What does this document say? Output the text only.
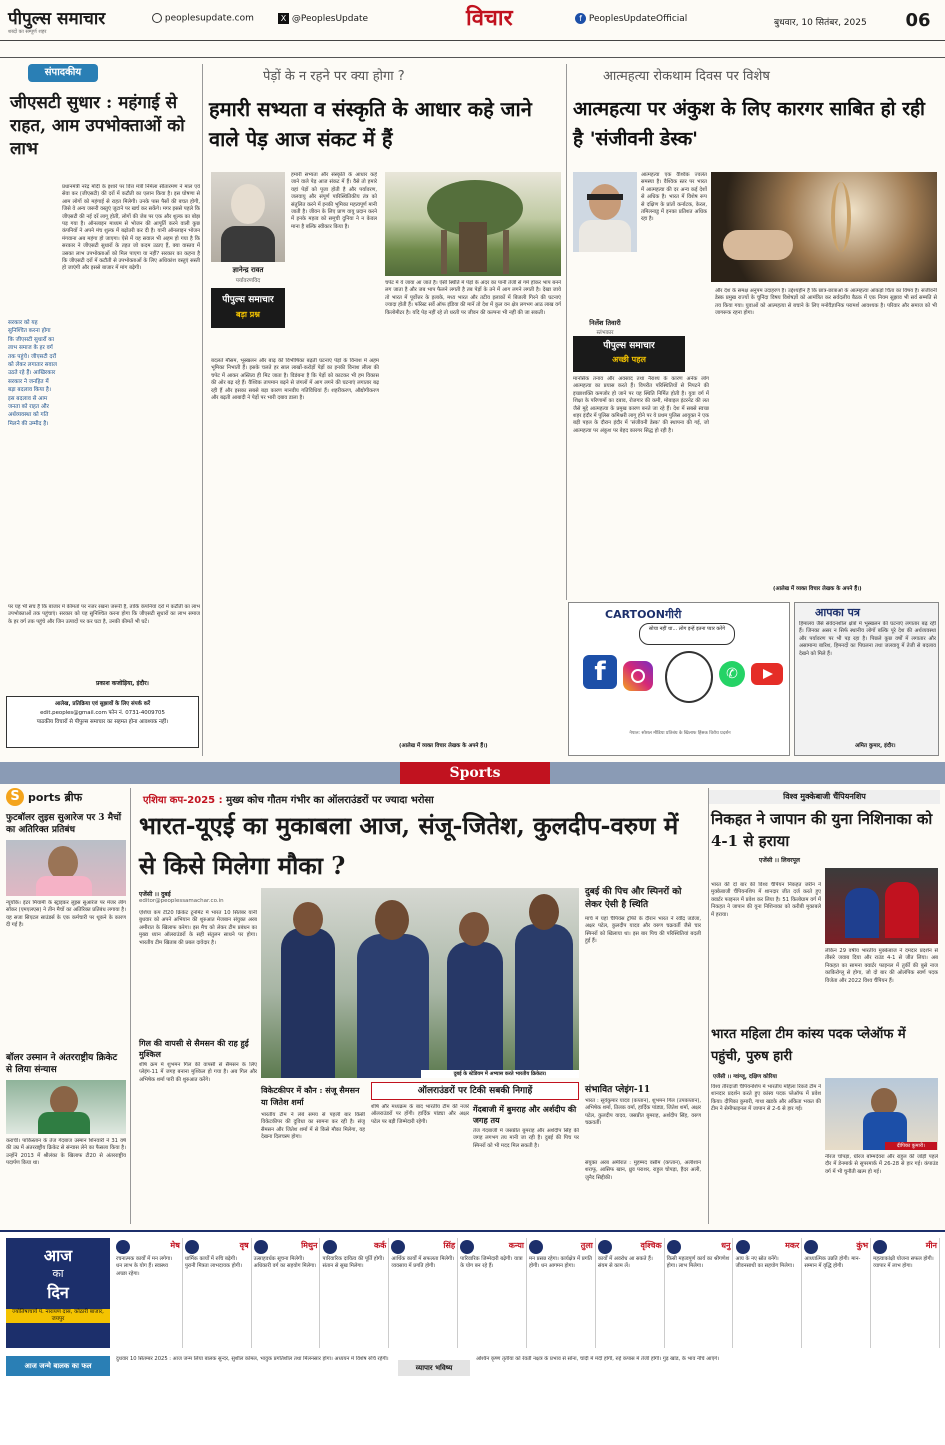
पीपुल्स समाचार
शब्दों का सम्पूर्ण शहर
peoplesupdate.com	X @PeoplesUpdate	विचार	f PeoplesUpdateOfficial	बुधवार, 10 सितंबर, 2025	06
संपादकीय
जीएसटी सुधार : महंगाई से राहत, आम उपभोक्ताओं को लाभ
प्रधानमंत्री नरेंद्र मोदी के इशारे पर वित्त मंत्री निर्मला सीतारमण ने माल एवं सेवा कर (जीएसटी) की दरों में कटौती का एलान किया है। इस घोषणा से आम लोगों को महंगाई से राहत मिलेगी। उनके पास पैसों की बचत होगी, जिसे वे अन्य जरूरी वस्तुएं जुटाने पर खर्च कर सकेंगे। मगर इससे पहले कि जीएसटी की नई दरें लागू होतीं, लोगों की जेब पर एक और शुल्क का बोझ पड़ गया है। ऑनलाइन माध्यम से भोजन की आपूर्ति करने वाली कुछ कंपनियों ने अपने मंच शुल्क में बढ़ोतरी कर दी है। यानी ऑनलाइन भोजन मंगवाना अब महंगा हो जाएगा। ऐसे में यह सवाल भी अहम हो गया है कि सरकार ने जीएसटी सुधारों के तहत जो कदम उठाए हैं, क्या वास्तव में उसका लाभ उपभोक्ताओं को मिल पाएगा या नहीं? सरकार का कहना है कि जीएसटी दरों में कटौती से उपभोक्ताओं के लिए अधिकांश वस्तुएं सस्ती हो जाएंगी और इससे बाजार में मांग बढ़ेगी।
सरकार को यह सुनिश्चित करना होगा कि जीएसटी सुधारों का लाभ समाज के हर वर्ग तक पहुंचे। जीएसटी दरों को लेकर लगातार सवाल उठते रहे हैं। आखिरकार सरकार ने जनहित में बड़ा बदलाव किया है। इस बदलाव से आम जनता को राहत और अर्थव्यवस्था को गति मिलने की उम्मीद है।
पर यह भी सच है कि बाजार में कीमतों पर नजर रखना जरूरी है, ताकि कंपनियां दरों में कटौती का लाभ उपभोक्ताओं तक पहुंचाएं। सरकार को यह सुनिश्चित करना होगा कि जीएसटी सुधारों का लाभ समाज के हर वर्ग तक पहुंचे और जिन उत्पादों पर कर घटा है, उनकी कीमतें भी घटें।
प्रकाश कजोड़िया, इंदौर।
आलेख, प्रतिक्रिया एवं सुझावों के लिए संपर्क करें
edit.peoples@gmail.com फोन नं. 0731-4009705
पाठकीय विचारों से पीपुल्स समाचार का सहमत होना आवश्यक नहीं।
पेड़ों के न रहने पर क्या होगा ?
हमारी सभ्यता व संस्कृति के आधार कहे जाने वाले पेड़ आज संकट में हैं
ज्ञानेन्द्र रावत
पर्यावरणविद
पीपुल्स समाचार
बड़ा प्रश्न
हमारी सभ्यता और संस्कृति के आधार कहे जाने वाले पेड़ आज संकट में हैं। वैसे तो हमारे यहां पेड़ों को पूजा होती है और पर्यावरण, जलवायु और संपूर्ण पारिस्थितिकीय तंत्र को संतुलित करने में इनकी भूमिका महत्वपूर्ण मानी जाती है। जीवन के लिए प्राण वायु प्रदान करने में इनके महत्व को समूची दुनिया ने न केवल माना है बल्कि स्वीकार किया है।
बदलते मौसम, भूस्खलन और बाढ़ की विभीषिका बढ़ती घटनाएं पेड़ों के विनाश में अहम भूमिका निभाती हैं। इसके चलते हर साल लाखों-करोड़ों पेड़ों का इनकी विनाश लीला की चपेट में आकर अस्तित्व ही मिट जाता है। विडंबना है कि पेड़ों को काटकर भी हम विकास की ओर बढ़ रहे हैं। वैश्विक तापमान बढ़ने से जंगलों में आग लगने की घटनाएं लगातार बढ़ रही हैं और इसका सबसे बड़ा कारण मानवीय गतिविधियां हैं। शहरीकरण, औद्योगीकरण और बढ़ती आबादी ने पेड़ों पर भारी दबाव डाला है।
चपेट में ये जाया आ जाते हैं। ऐसी स्थिति में पेड़ों के अंदर का पानी तेजी से गर्म होकर भाप बनने लग जाता है और जब भाप फैलने लगती है तब पेड़ों के तने में आग लगने लगती है। देखा जाये तो भारत में पूर्वोत्तर के इलाके, मध्य भारत और तटीय इलाकों में बिजली गिरने की घटनाएं ज्यादा होती हैं। फॉरेस्ट सर्वे ऑफ इंडिया की मानें तो देश में कुल वन क्षेत्र लगभग आठ लाख वर्ग किलोमीटर है। यदि पेड़ नहीं रहे तो धरती पर जीवन की कल्पना भी नहीं की जा सकती।
(आलेख में व्यक्त विचार लेखक के अपने हैं।)
आत्महत्या रोकथाम दिवस पर विशेष
आत्महत्या पर अंकुश के लिए कारगर साबित हो रही है 'संजीवनी डेस्क'
निर्लेश तिवारी
स्तंभकार
आत्महत्या एक वैश्विक ज्वलंत समस्या है। वैश्विक स्तर पर भारत में आत्महत्या की दर अन्य कई देशों से अधिक है। भारत में विशेष रूप से दक्षिण के प्रांतों कर्नाटक, केरल, तमिलनाडु में इनका प्रतिशत अधिक रहा है।
पीपुल्स समाचार
अच्छी पहल
मानसिक तनाव और अवसाद तथा नैराश्य के कारण अनेक लोग आत्महत्या का प्रयास करते हैं। विपरीत परिस्थितियों से निपटने की इच्छाशक्ति कमजोर हो जाने पर यह स्थिति निर्मित होती है। युवा वर्ग में शिक्षा के परिणामों का दबाव, रोजगार की कमी, मोबाइल इंटरनेट की लत जैसे मुद्दे आत्महत्या के प्रमुख कारण बनते जा रहे हैं। देश में सबसे स्वच्छ शहर इंदौर में पुलिस कमिश्नरी लागू होने पर ये प्रथम पुलिस आयुक्त ने एक बड़ी पहल के दौरान इंदौर में 'संजीवनी डेस्क' की स्थापना की गई, जो आत्महत्या पर अंकुश पर बेहद कारगर सिद्ध हो रही है।
और देश के समक्ष अनुपम उदाहरण है। उद्देश्यहीन है कि छात्र-छात्राओं के आत्महत्या आंकड़ों चिंता का विषय है। संजीवनी डेस्क प्रमुख राज्यों के चुनिंदा विषय विशेषज्ञों को आमंत्रित कर सर्वदलीय बैठक में एक नियम सुझाव भी सर्व सम्मति से तय किया गया। युवाओं को आत्महत्या से बचाने के लिए मनोवैज्ञानिक परामर्श आवश्यक है। परिवार और समाज को भी जागरूक रहना होगा।
(आलेख में व्यक्त विचार लेखक के अपने हैं।)
CARTOONगीरी
सोचा नहीं था... लोग इन्हें इतना प्यार करेंगे
f	✆
नेपाल: सोशल मीडिया प्रतिबंध के खिलाफ हिंसक विरोध प्रदर्शन
आपका पत्र
हिमालय जैसे संवेदनशील क्षेत्रों में भूस्खलन की घटनाएं लगातार बढ़ रही हैं। जिनका असर न सिर्फ स्थानीय लोगों बल्कि पूरे देश की अर्थव्यवस्था और पर्यावरण पर भी पड़ रहा है। पिछले कुछ वर्षों में लगातार और असामान्य बारिश, हिमनदों का पिघलना तथा जलवायु में तेजी से बदलाव देखने को मिले हैं।
अमित कुमार, इंदौर।
Sports
S ports ब्रीफ
फुटबॉलर लुइस सुआरेज पर 3 मैचों का अतिरिक्त प्रतिबंध
न्यूयॉर्क। इंटर मियामी के स्ट्राइकर लुइस सुआरेज पर मेजर लीग सॉकर (एमएलएस) ने तीन मैचों का अतिरिक्त प्रतिबंध लगाया है। यह सजा सिएटल साउंडर्स के एक कर्मचारी पर थूकने के कारण दी गई है।
बॉलर उस्मान ने अंतरराष्ट्रीय क्रिकेट से लिया संन्यास
कराची। पाकिस्तान के तेज गेंदबाज उस्मान शिनवारी ने 31 वर्ष की उम्र में अंतरराष्ट्रीय क्रिकेट से संन्यास लेने का फैसला किया है। उन्होंने 2013 में श्रीलंका के खिलाफ टी20 से अंतरराष्ट्रीय पदार्पण किया था।
एशिया कप-2025 : मुख्य कोच गौतम गंभीर का ऑलराउंडरों पर ज्यादा भरोसा
भारत-यूएई का मुकाबला आज, संजू-जितेश, कुलदीप-वरुण में से किसे मिलेगा मौका ?
एजेंसी ।। दुबई
editor@peoplessamachar.co.in
एशिया कप टी20 क्रिकेट टूर्नामेंट में भारत 10 सितंबर यानी बुधवार को अपने अभियान की शुरुआत मेजबान संयुक्त अरब अमीरात के खिलाफ करेगा। इस मैच को लेकर टीम प्रबंधन का मुख्य ध्यान ऑलराउंडरों के सही संतुलन साधने पर होगा। भारतीय टीम खिताब की प्रबल दावेदार है।
गिल की वापसी से सैमसन की राह हुई मुश्किल
शीर्ष क्रम में शुभमन गिल की वापसी से सैमसन के लिए प्लेइंग-11 में जगह बनाना मुश्किल हो गया है। अब गिल और अभिषेक शर्मा पारी की शुरुआत करेंगे।
दुबई के स्टेडियम में अभ्यास करते भारतीय क्रिकेटर।
विकेटकीपर में कौन : संजू सैमसन या जितेश शर्मा
भारतीय टीम ने लंबे समय से पहली बार किसी विकेटकीपर की दुविधा का सामना कर रही है। संजू सैमसन और जितेश शर्मा में से किसे मौका मिलेगा, यह देखना दिलचस्प होगा।
ऑलराउंडरों पर टिकी सबकी निगाहें
शीर्ष और मध्यक्रम के बाद भारतीय टीम की नजरें ऑलराउंडरों पर होंगी। हार्दिक पांड्या और अक्षर पटेल पर बड़ी जिम्मेदारी रहेगी।
गेंदबाजी में बुमराह और अर्शदीप की जगह तय
तेज गेंदबाजी में जसप्रीत बुमराह और अर्शदीप सिंह की जगह लगभग तय मानी जा रही है। दुबई की पिच पर स्पिनरों को भी मदद मिल सकती है।
दुबई की पिच और स्पिनरों को लेकर ऐसी है स्थिति
मार्च में यहां चैंपियंस ट्रॉफी के दौरान भारत ने रवींद्र जडेजा, अक्षर पटेल, कुलदीप यादव और वरुण चक्रवर्ती जैसे चार स्पिनरों को खिलाया था। इस बार पिच की परिस्थितियां बदली हुई हैं।
संभावित प्लेइंग-11
भारत : सूर्यकुमार यादव (कप्तान), शुभमन गिल (उपकप्तान), अभिषेक शर्मा, तिलक वर्मा, हार्दिक पांड्या, जितेश शर्मा, अक्षर पटेल, कुलदीप यादव, जसप्रीत बुमराह, अर्शदीप सिंह, वरुण चक्रवर्ती।
संयुक्त अरब अमीरात : मुहम्मद वसीम (कप्तान), अलीशान शराफू, आसिफ खान, ध्रुव पराशर, राहुल चोपड़ा, हैदर अली, जुनैद सिद्दीकी।
विश्व मुक्केबाजी चैंपियनशिप
निकहत ने जापान की युना निशिनाका को 4-1 से हराया
एजेंसी ।। लिवरपूल
भारत की दो बार की विश्व चैंपियन निकहत जरीन ने मुक्केबाजी चैंपियनशिप में शानदार जीत दर्ज करते हुए क्वार्टर फाइनल में प्रवेश कर लिया है। 51 किलोग्राम वर्ग में निकहत ने जापान की युना निशिनाका को करीबी मुकाबले में हराया।
लेकिन 29 वर्षीय भारतीय मुक्केबाज ने दमदार प्रदर्शन से तीसरे जवाब दिया और राउंड 4-1 से जीत लिया। अब निकहत का सामना क्वार्टर फाइनल में तुर्की की बुसे नाज काकिरोग्लू से होगा, जो दो बार की ओलंपिक स्वर्ण पदक विजेता और 2022 विश्व चैंपियन हैं।
भारत महिला टीम कांस्य पदक प्लेऑफ में पहुंची, पुरुष हारी
एजेंसी ।। ग्वांग्जू, दक्षिण कोरिया
विश्व तीरंदाजी चैंपियनशिप में भारतीय महिला रिकर्व टीम ने शानदार प्रदर्शन करते हुए कांस्य पदक प्लेऑफ में प्रवेश किया। दीपिका कुमारी, गाथा खडके और अंकिता भकत की टीम ने सेमीफाइनल में जापान से 2-6 से हार गई।
दीपिका कुमारी।
नीरज चोपड़ा, धीरज बोम्मदेवरा और राहुल की जोड़ी पहले दौर में डेनमार्क से सुपरमार्क में 26-28 से हार गई। कंपाउंड वर्ग में भी चुनौती खत्म हो गई।
आज
का
दिन
ज्योतिषाचार्य पं. नारायण दास, कोठारी बाजार, जयपुर
मेष
रचनात्मक कार्यों में मन लगेगा। धन लाभ के योग हैं। स्वास्थ्य अच्छा रहेगा।
वृष
धार्मिक कार्यों में रुचि बढ़ेगी। पुरानी मित्रता लाभदायक होगी।
मिथुन
उत्साहवर्धक सूचना मिलेगी। अधिकारी वर्ग का सहयोग मिलेगा।
कर्क
पारिवारिक दायित्व की पूर्ति होगी। संतान से सुख मिलेगा।
सिंह
आर्थिक कार्यों में सफलता मिलेगी। व्यवसाय में प्रगति होगी।
कन्या
पारिवारिक जिम्मेदारी बढ़ेगी। यात्रा के योग बन रहे हैं।
तुला
मन प्रसन्न रहेगा। कार्यक्षेत्र में प्रगति होगी। धन आगमन होगा।
वृश्चिक
कार्यों में अवरोध आ सकते हैं। संयम से काम लें।
धनु
किसी महत्वपूर्ण कार्य का श्रीगणेश होगा। लाभ मिलेगा।
मकर
आय के नए स्रोत बनेंगे। जीवनसाथी का सहयोग मिलेगा।
कुंभ
आध्यात्मिक उन्नति होगी। मान-सम्मान में वृद्धि होगी।
मीन
महत्वाकांक्षी योजना सफल होगी। व्यापार में लाभ होगा।
आज जन्मे बालक का फल
दुधवार 10 सितम्बर 2025 : आज जन्म लिया बालक सुन्दर, सुशील कोमल, भावुक प्रगतिशील तथा मिलनसार होगा। अध्ययन में विशेष रुचि रहेगी।
व्यापार भविष्य
अश्विन कृष्ण तृतीया को रेवती नक्षत्र के प्रभाव से सोना, चांदी में मंदी होगी, रुई कपास में तेजी होगी। गुड़ खांड, के भाव नीचे आएंगे।
